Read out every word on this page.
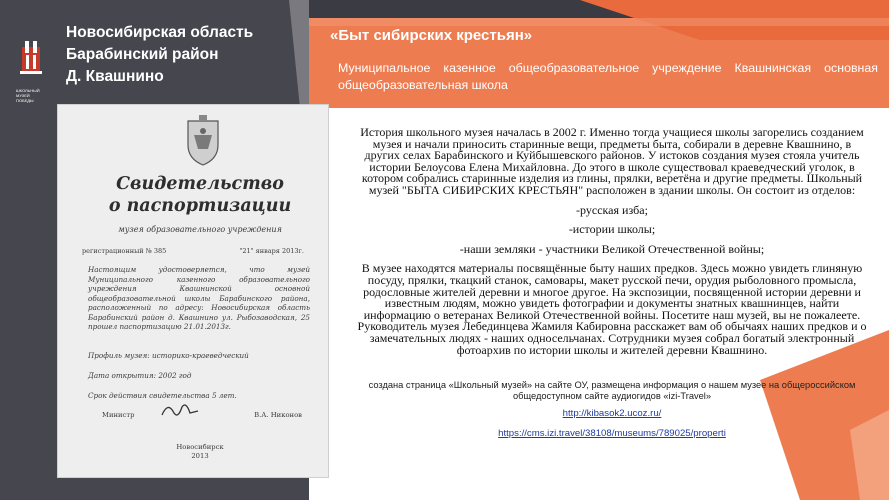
ШКОЛЬНЫЙ МУЗЕЙ ПОБЕДЫ
Новосибирская область
Барабинский район
Д. Квашнино
«Быт сибирских крестьян»
Муниципальное казенное общеобразовательное учреждение Квашнинская основная общеобразовательная школа
Свидетельство
о паспортизации
музея образовательного учреждения
регистрационный № 385	"21" января 2013г.
Настоящим удостоверяется, что музей Муниципального казенного образовательного учреждения Квашнинской основной общеобразовательной школы Барабинского района, расположенный по адресу: Новосибирская область Барабинский район д. Квашнино ул. Рыбозаводская, 25 прошел паспортизацию 21.01.2013г.
Профиль музея: историко-краеведческий
Дата открытия: 2002 год
Срок действия свидетельства 5 лет.
Министр	В.А. Никонов
Новосибирск
2013

История школьного музея началась в 2002 г. Именно тогда учащиеся школы загорелись созданием музея и начали приносить старинные вещи, предметы быта, собирали в деревне Квашнино, в других селах Барабинского и Куйбышевского районов. У истоков создания музея стояла учитель истории Белоусова Елена Михайловна. До этого в школе существовал краеведческий уголок, в котором собрались старинные изделия из глины, прялки, веретёна и другие предметы. Школьный музей "БЫТА СИБИРСКИХ КРЕСТЬЯН" расположен в здании школы. Он состоит из отделов:

-русская изба;

-истории школы;

-наши земляки - участники Великой Отечественной войны;

В музее находятся материалы посвящённые быту наших предков. Здесь можно увидеть глиняную посуду, прялки, ткацкий станок, самовары, макет русской печи, орудия рыболовного промысла, родословные жителей деревни и многое другое. На экспозиции, посвященной истории деревни и известным людям, можно увидеть фотографии и документы знатных квашнинцев, найти информацию о ветеранах Великой Отечественной войны. Посетите наш музей, вы не пожалеете. Руководитель музея Лебединцева Жамиля Кабировна расскажет вам об обычаях наших предков и о замечательных людях - наших односельчанах. Сотрудники музея собрал богатый электронный фотоархив по истории школы и жителей деревни Квашнино.

создана страница «Школьный музей» на сайте ОУ, размещена информация о нашем музее на общероссийском общедоступном сайте аудиогидов «izi-Travel»
http://kibasok2.ucoz.ru/
https://cms.izi.travel/38108/museums/789025/properti
